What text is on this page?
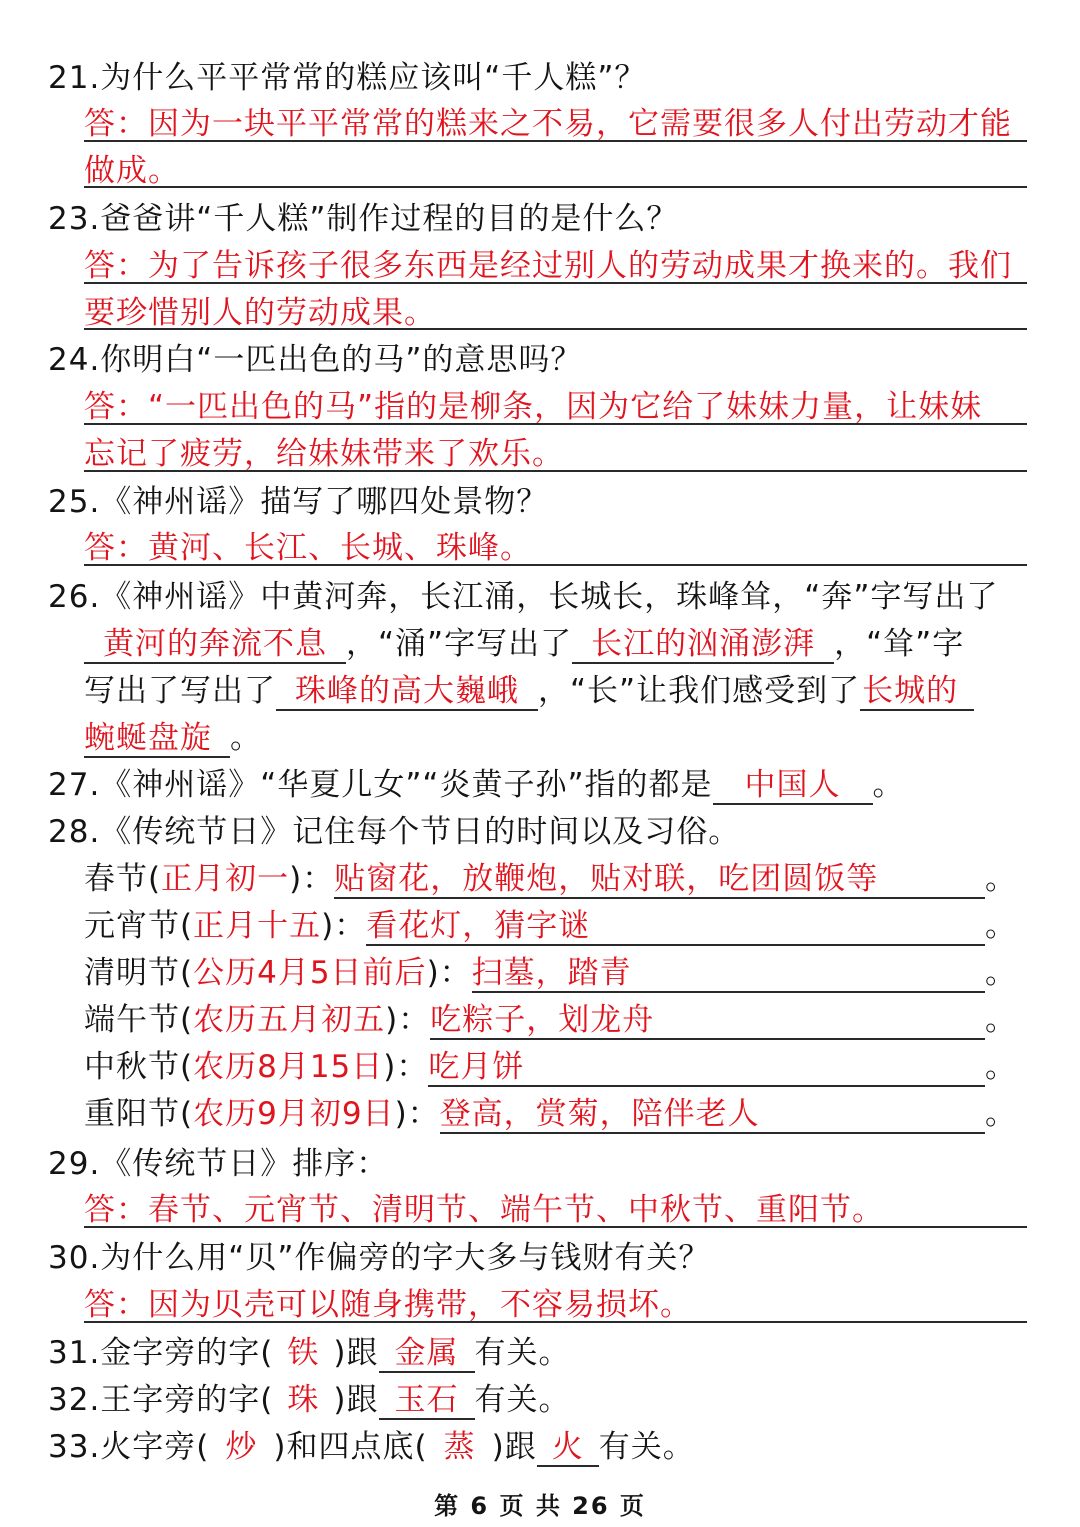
21.为什么平平常常的糕应该叫“千人糕”？
答：因为一块平平常常的糕来之不易，它需要很多人付出劳动才能
做成。
23.爸爸讲“千人糕”制作过程的目的是什么？
答：为了告诉孩子很多东西是经过别人的劳动成果才换来的。我们
要珍惜别人的劳动成果。
24.你明白“一匹出色的马”的意思吗？
答：“一匹出色的马”指的是柳条，因为它给了妹妹力量，让妹妹
忘记了疲劳，给妹妹带来了欢乐。
25.《神州谣》描写了哪四处景物？
答：黄河、长江、长城、珠峰。
26.《神州谣》中黄河奔，长江涌，长城长，珠峰耸，“奔”字写出了
黄河的奔流不息 ，“涌”字写出了 长江的汹涌澎湃 ，“耸”字
写出了写出了 珠峰的高大巍峨 ，“长”让我们感受到了长城的
蜿蜒盘旋 。
27.《神州谣》“华夏儿女”“炎黄子孙”指的都是 中国人 。
28.《传统节日》记住每个节日的时间以及习俗。
春节(正月初一)：贴窗花，放鞭炮，贴对联，吃团圆饭等	。
元宵节(正月十五)：看花灯，猜字谜	。
清明节(公历4月5日前后)：扫墓，踏青	。
端午节(农历五月初五)：吃粽子，划龙舟	。
中秋节(农历8月15日)：吃月饼	。
重阳节(农历9月初9日)：登高，赏菊，陪伴老人	。
29.《传统节日》排序：
答：春节、元宵节、清明节、端午节、中秋节、重阳节。
30.为什么用“贝”作偏旁的字大多与钱财有关？
答：因为贝壳可以随身携带，不容易损坏。
31.金字旁的字( 铁 )跟 金属 有关。
32.王字旁的字( 珠 )跟 玉石 有关。
33.火字旁( 炒 )和四点底( 蒸 )跟 火 有关。
第 6 页 共 26 页
